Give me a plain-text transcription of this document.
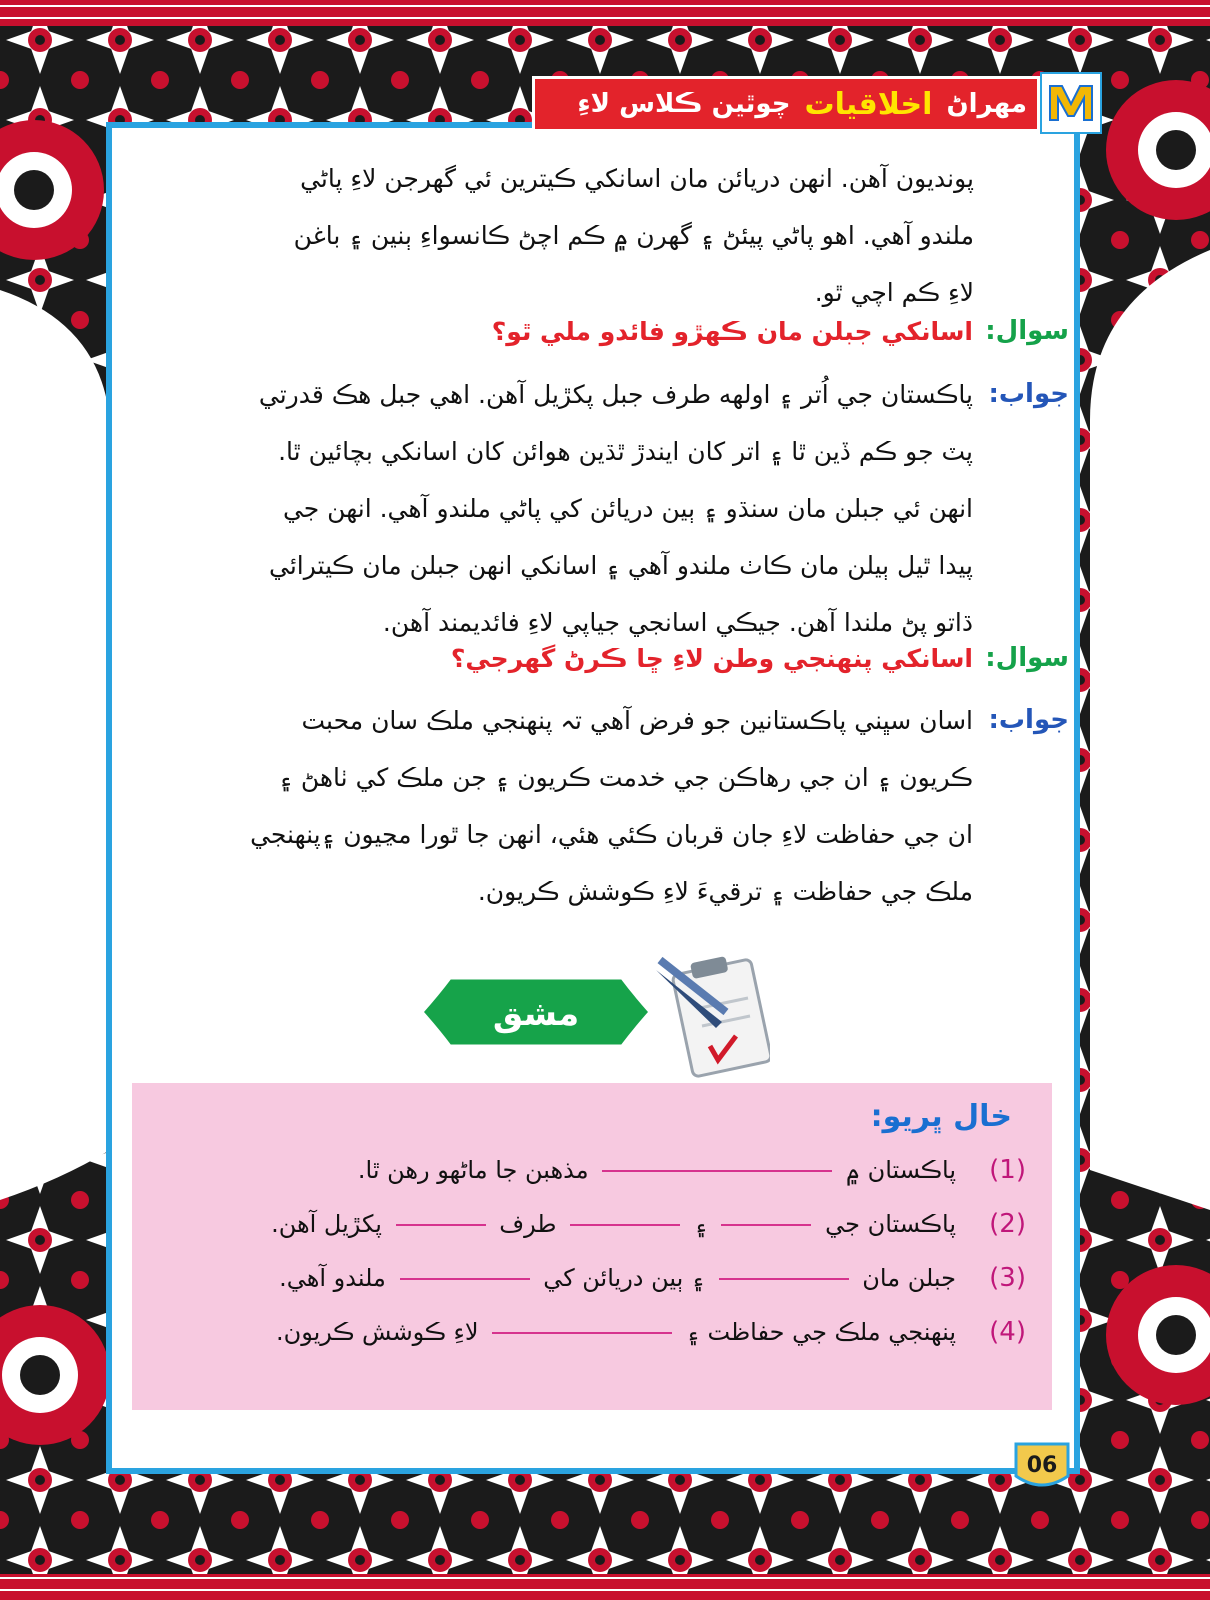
مهراڻ
اخلاقيات
چوٿين ڪلاس لاءِ
پونديون آهن. انهن دريائن مان اسانکي ڪيترين ئي گهرجن لاءِ پاڻي
ملندو آهي. اهو پاڻي پيئڻ ۽ گهرن ۾ ڪم اچڻ ڪانسواءِ ٻنين ۽ باغن
لاءِ ڪم اچي ٿو.
سوال:
اسانکي جبلن مان ڪهڙو فائدو ملي ٿو؟
جواب:
پاڪستان جي اُتر ۽ اولهه طرف جبل پکڙيل آهن. اهي جبل هڪ قدرتي
پٽ جو ڪم ڏين ٿا ۽ اتر کان ايندڙ ٿڌين هوائن کان اسانکي بچائين ٿا.
انهن ئي جبلن مان سنڌو ۽ ٻين دريائن کي پاڻي ملندو آهي. انهن جي
پيدا ٿيل ٻيلن مان ڪاٺ ملندو آهي ۽ اسانکي انهن جبلن مان ڪيترائي
ڌاتو پڻ ملندا آهن. جيڪي اسانجي جياپي لاءِ فائديمند آهن.
سوال:
اسانکي پنهنجي وطن لاءِ ڇا ڪرڻ گهرجي؟
جواب:
اسان سڀني پاڪستانين جو فرض آهي تہ پنهنجي ملڪ سان محبت
ڪريون ۽ ان جي رهاڪن جي خدمت ڪريون ۽ جن ملڪ کي ٺاهڻ ۽
ان جي حفاظت لاءِ جان قربان ڪئي هئي، انهن جا ٿورا مڃيون ۽پنهنجي
ملڪ جي حفاظت ۽ ترقيءَ لاءِ ڪوشش ڪريون.
مشق
خال ڀريو:
(1)
پاڪستان ۾  مذهبن جا ماڻهو رهن ٿا.
(2)
پاڪستان جي  ۽  طرف  پکڙيل آهن.
(3)
جبلن مان  ۽ ٻين دريائن کي  ملندو آهي.
(4)
پنهنجي ملڪ جي حفاظت ۽  لاءِ ڪوشش ڪريون.
06
